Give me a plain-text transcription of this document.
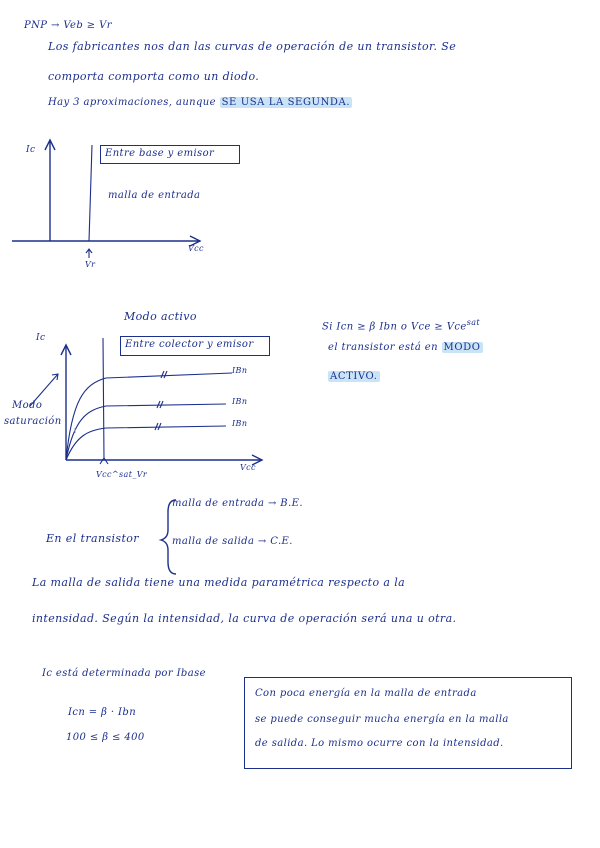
PNP → Veb ≥ Vr
Los fabricantes nos dan las curvas de operación de un transistor. Se
comporta comporta como un diodo.
Hay 3 aproximaciones, aunque SE USA LA SEGUNDA.
Ic	Entre base y emisor
malla de entrada
Vcc
Vr
Modo activo
Ic
Entre colector y emisor
Modo
saturación
IBn
IBn
IBn
Vcc
Vcc^sat_Vr
Si Icn ≥ β Ibn o Vce ≥ Vce$^{sat}$
el transistor está en MODO
ACTIVO.
En el transistor
malla de entrada → B.E.
malla de salida → C.E.
La malla de salida tiene una medida paramétrica respecto a la
intensidad. Según la intensidad, la curva de operación será una u otra.
Ic está determinada por Ibase
Icn = β · Ibn
100 ≤ β ≤ 400
Con poca energía en la malla de entrada
se puede conseguir mucha energía en la malla
de salida. Lo mismo ocurre con la intensidad.
